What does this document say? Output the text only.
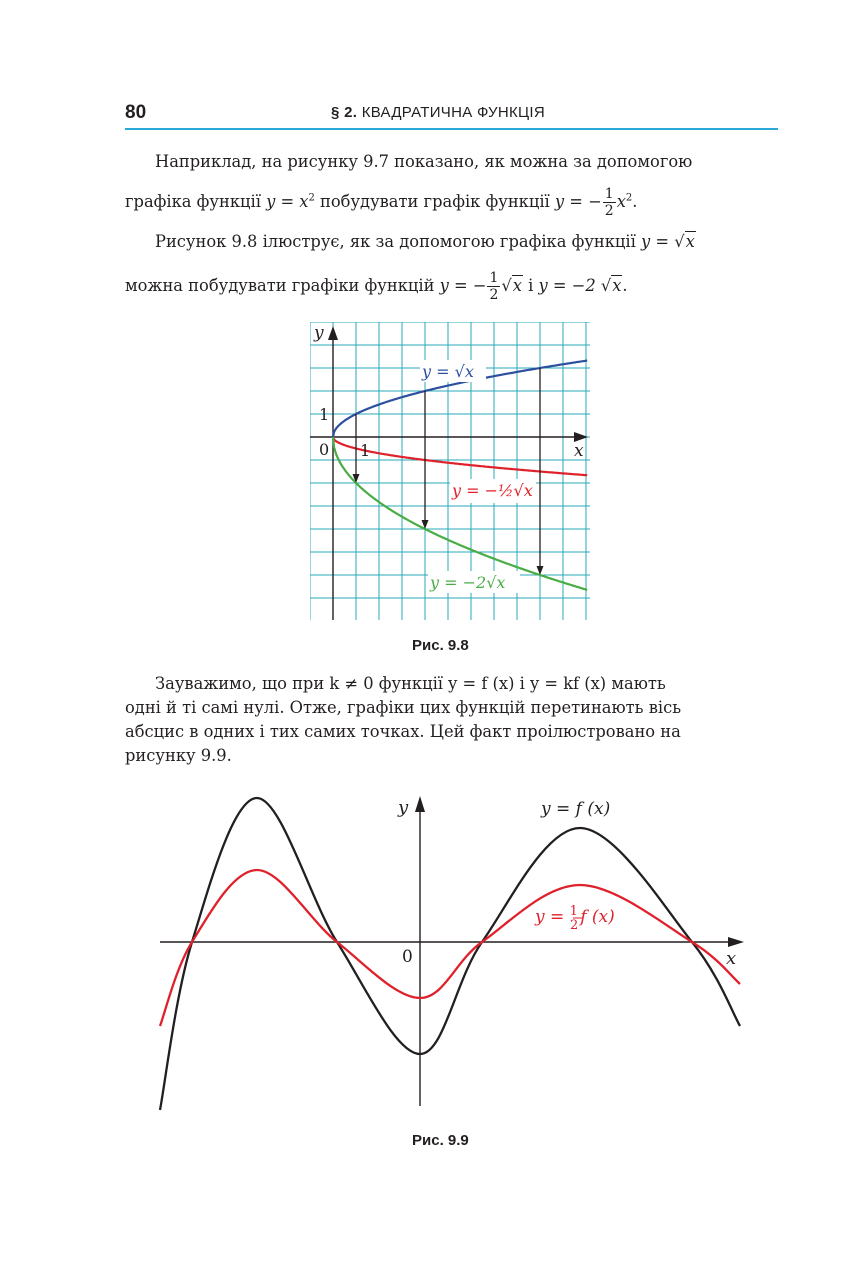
80	§ 2. КВАДРАТИЧНА ФУНКЦІЯ
Наприклад, на рисунку 9.7 показано, як можна за допомогою
графіка функції $y = x^2$ побудувати графік функції y = − $\frac{1}{2} x^2$.
Рисунок 9.8 ілюструє, як за допомогою графіка функції y = √x
можна побудувати графіки функцій y = − $\frac{1}{2} √x$ і y = −2 √x.
y
x
0
1
1
y = √x
y = −½√x
y = −2√x
Рис. 9.8
Зауважимо, що при k ≠ 0 функції y = f (x) і y = kf (x) мають
одні й ті самі нулі. Отже, графіки цих функцій перетинають вісь
абсцис в одних і тих самих точках. Цей факт проілюстровано на
рисунку 9.9.
y
x
0
y = f (x)
y = $^1$ 2 f (x)
Рис. 9.9
